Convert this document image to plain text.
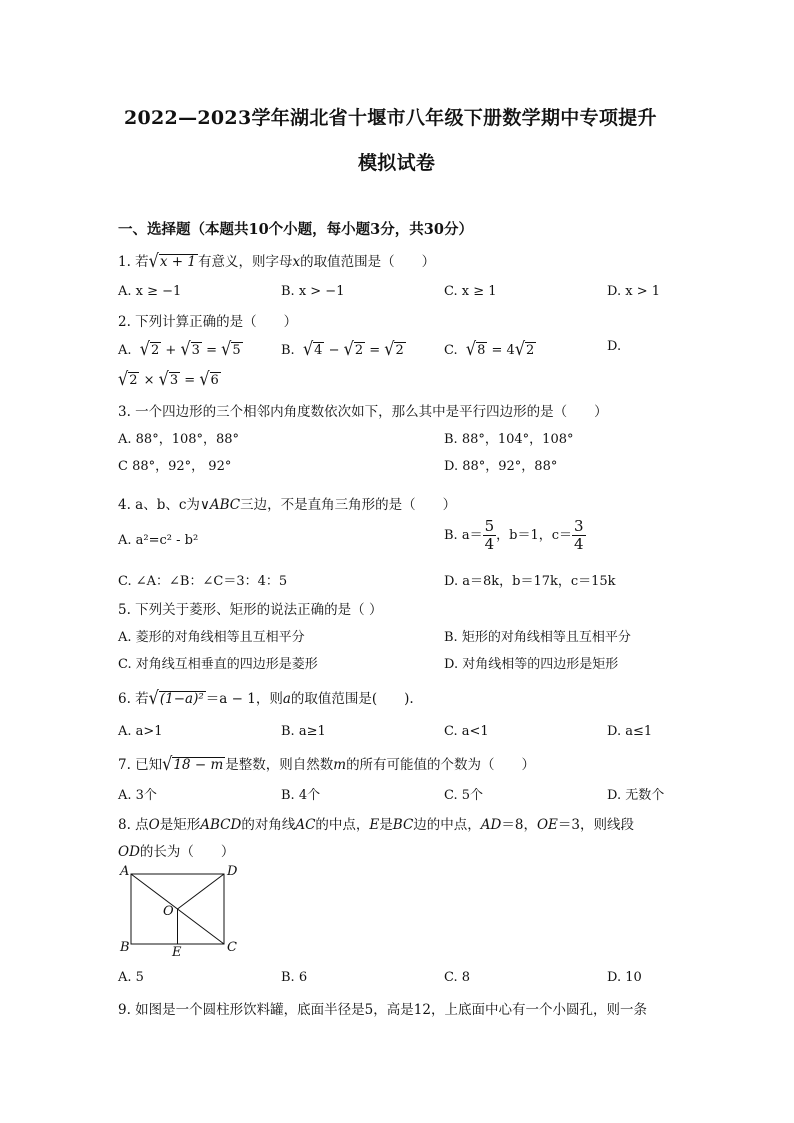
2022—2023学年湖北省十堰市八年级下册数学期中专项提升
模拟试卷
一、选择题（本题共10个小题，每小题3分，共30分）
1. 若√x + 1 有意义，则字母x的取值范围是（　　）
A. x ≥ −1	B. x > −1	C. x ≥ 1	D. x > 1
2. 下列计算正确的是（　　）
A. √2 + √3 = √5	B. √4 − √2 = √2	C. √8 = 4√2	D.
√2 × √3 = √6
3. 一个四边形的三个相邻内角度数依次如下，那么其中是平行四边形的是（　　）
A. 88°，108°，88°	B. 88°，104°，108°
C 88°，92°， 92°	D. 88°，92°，88°
4. a、b、c为∨ABC三边，不是直角三角形的是（　　）
A. a²=c² - b²	B. $a= \frac{5}{4}$ ，b＝1，$c= \frac{3}{4}$
C. ∠A：∠B：∠C＝3：4：5	D. a＝8k，b＝17k，c＝15k
5. 下列关于菱形、矩形的说法正确的是（ ）
A. 菱形的对角线相等且互相平分	B. 矩形的对角线相等且互相平分
C. 对角线互相垂直的四边形是菱形	D. 对角线相等的四边形是矩形
6. 若√(1−a)² ＝a − 1，则a的取值范围是(　　).
A. a>1	B. a≥1	C. a<1	D. a≤1
7. 已知√18 − m 是整数，则自然数m的所有可能值的个数为（　　）
A. 3个	B. 4个	C. 5个	D. 无数个
8. 点O是矩形ABCD的对角线AC的中点，E是BC边的中点，AD＝8，OE＝3，则线段
OD的长为（　　）
A	D
O
B	E	C
A. 5	B. 6	C. 8	D. 10
9. 如图是一个圆柱形饮料罐，底面半径是5，高是12，上底面中心有一个小圆孔，则一条
